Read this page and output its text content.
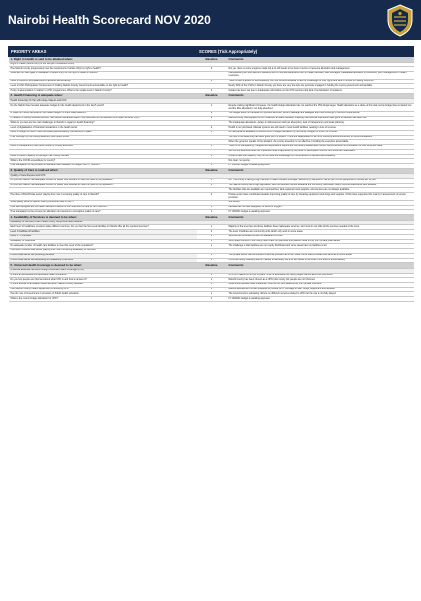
Nairobi Health Scorecard NOV 2020
PRIORITY AREAS	SCORES (Tick Appropriately)	
1. Right to Health is said to be attained when:	Baseline	Comments
Right to Health (article 43(1) of the Kenyan Constitution 2010)		
Has Nairobi county progressively met the requirement of article 43(1) on right to health?	2	Not yet, there is some progress made but a lot still needs to be done in terms of resource allocation and management.
What are the main gaps in realisation of article 43(1) on the right to health in Nairobi?		Inaccessibility as most Nairobi's residents live in informal settlements with no health facilities; staff shortages; inadequate allocation of resources; poor management of health resources.
Level of citizen/CSOs awareness to achieve accountability	2	There is still no action for accountability from the citizens because of lack of knowledge on their rights and lack of forums for raising concerns.
Level of CSO Participation/ Involvement in holding Nairobi County Government accountable on the right to health?		Nearly 30% of the CSOs in Nairobi County yet there are very few who are seriously engaged in holding the county government accountable.
Policy implementation in relation to UHC programmes. What is the uptake level in Nairobi County?	2	Uptake has been low due to inadequate information on the UHC services and lack of sensitization of residents.
2. Health Financing is adequate when:	Baseline	Comments
Health Financing On Par with Abuja, Maputo and UHC		
Do the Nairobi has invested adequate budget for the health department in the last 5 years?	1	Despite making significant increases, the health budget allocation has not reached the 15% Abuja target. Health allocation as a share of the total county budget has remained low and the little allocated is not fully absorbed.
Is value for money achieved in the health budget? Is there value addition?	2	The budget does not translate to improved services; there is wastage and leakages and most funds go to recurrent expenditure.
In relation to county revenue sources, has Nairobi demanded back in the revenues for the facilities from health services (FIF)?	2	Nairobi county has stopped the FIF collection at health facilities, meaning that revenue that would have gone to facilities has been lost.
What do you feel are the main challenges in Nairobi in regard to health financing?		The inadequate allocations, delays in disbursement and low absorption, lack of transparency and weak planning.
Level of digitalisation of financial transactions in the health sector	2	Health is not prioritised. Manual systems are still used in most health facilities, leading to loss of revenue.
Level of budget for MNCH and the existing accountability mechanisms in place	1	No mechanisms available to monitor MNCH budget utilization by the county. Budget for MNCH is minimal.
Prior oversight by the county assembly over public funds		The role of the assembly has been good but it is politics. There are weaknesses in terms of follow-up and enforcement of recommendations.
		When the governor speaks of the situation, the county assembly is not effective in holding the executive accountable.
Level of transparency over public funds by County Executive	1	There is no transparency; budgets and expenditure reports are not publicly availed and citizens cannot access the information on how funds are used.
		We find the executive does not implement what is approved by the public in participation forums, and funds are reallocated.
Level of citizen capacity to oversight their county officials	1	Citizens have low capacity; they do not have the knowledge nor the structures to demand accountability.
What is the COVID expenditure for county?		Not clear; no reports.
How transparent is the process for allocation and utilisation of budget from FY 2020/21	1	FY 2020/21 budget is awaiting approval.
3. Quality of Care is realised when:	Baseline	Comments
Quality of Care Request and UHC		
Do you feel Nairobi has adequate number of health care workers to meet the need of its population?	1	No. The county is facing a high number of health workers shortage. Nairobi only has about 1 doctor per 10,000 people and 8 nurses per 10,000.
Do you feel Nairobi has adequate number of health care facilities to meet the need of its population?	2	The Nairobi county has a high population, and the facilities that are available are not evenly distributed. Many informal settlements lack facilities.
		The facilities that are available are overstretched, lack equipment and supplies, and services are not always available.
Has there CSOs/Private sector playing their role in ensuring quality of care in Nairobi?	2	Private sector have contributed towards improving quality of care by donating equipment and drugs and supplies. CSOs have supported the county in assessment of service provision.
What quality skills do Nairobi county personnel have in MCH?		Not known.
How well equipped are the health facilities to attend to the continuum of care for MCH service?	1	Facilities are not well equipped; no blood or oxygen.
How transparent is the process for allocation of resources to strengthen quality of care?	1	FY 2020/21 budget is awaiting approval.
4. Availability of Services is deemed to be when:	Baseline	Comments
Availability of Services Under Health Policy, Kenya 2014 and onwards		
Each level of healthcare provision takes different services. Do you feel the five levels facilities in Nairobi offer all the required services?	1	Majority of the level two and three facilities have inadequate services, and most do not offer all the services needed at the level.
Level 1 Facilities & Facilities	2	The level 1 facilities are community units which only work in some areas.
Level 2 - 3 Facilities	2	Services are provided but are not available 24 hours.
Availability of medicines	1	Most health centres in the county face a lack of medicines and patients have to buy from private pharmacies.
Do adequate number of health care facilities to meet the need of the population?	1	The challenge is that facilities are not evenly distributed and some areas have no facilities at all.
Has there CSOs/Private sector playing their role in ensuring availability of Services		
CSO/Private sector are providing Services	2	The private sector has contributed to service provision at a cost, while CSOs have provided free services in some areas.
CSO/Private sector are advocating for availability of services	2	CSOs are doing relatively well on matters of advocacy but a lot still needs to be done in the area of accountability.
5. Universal Health Coverage is deemed to be when:	Baseline	Comments
Universal Essential Services through Universal Health Coverage (UHC)		
Is there an accessible and affordable health insurance?	2	UHC is in Nairobi is not yet in place. NHIF is accessible but many people cannot afford the premiums.
Do you feel people are informed about what UHC is and how to access it?	1	Nairobi County has been chosen as a UHC pilot county but people are not informed.
Is there access to affordable medicines within Nairobi County facilities?	1	While some facilities have medicines, most do not; and patients buy from private chemists.
Has Nairobi County Health department is achieving UHC	1	Nairobi facilities are not well prepared to provide UHC; shortage of staff, drugs, equipment and facilities.
Has the role of Government in provision of Public health education	1	The Government is educating citizens on different services related to UHC but the role is not fully played.
What is the county budget allocation for UHC?	1	FY 2020/21 budget is awaiting approval.
